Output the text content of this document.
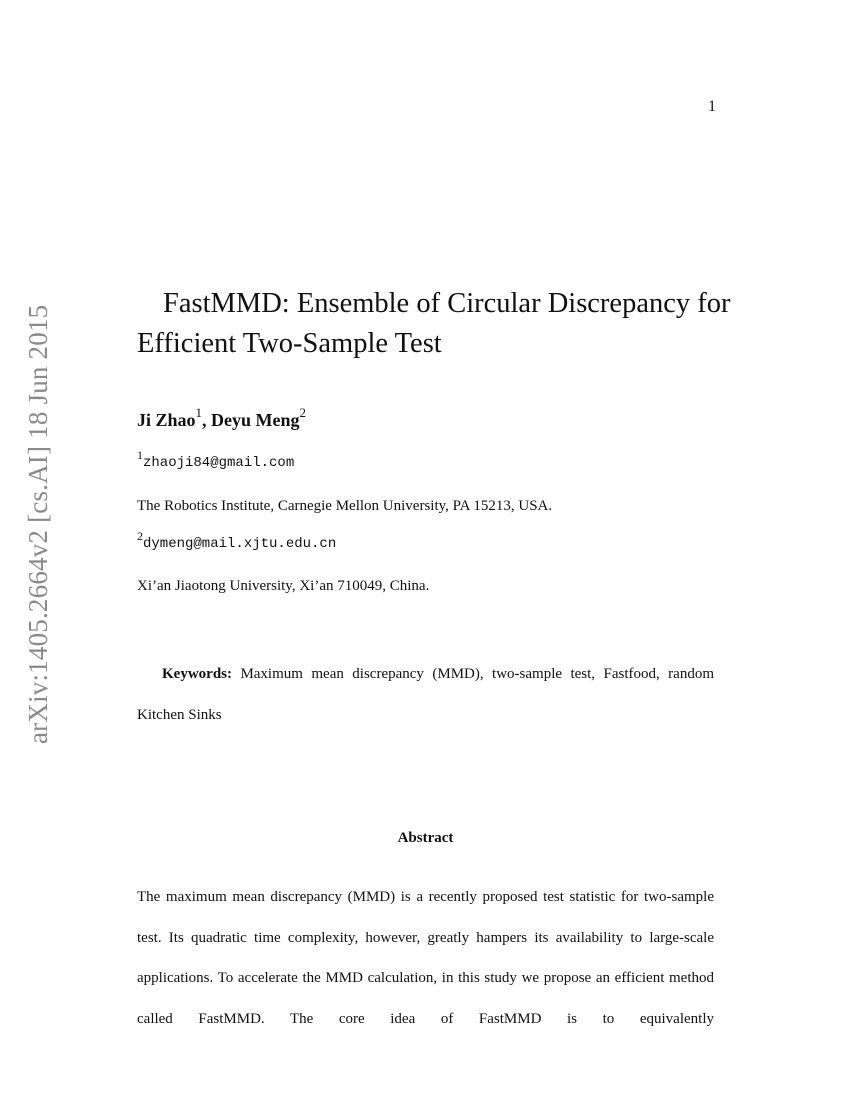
1
arXiv:1405.2664v2 [cs.AI] 18 Jun 2015
FastMMD: Ensemble of Circular Discrepancy for
Efficient Two-Sample Test
Ji Zhao$^1$, Deyu Meng$^2$
$^1$zhaoji84@gmail.com
The Robotics Institute, Carnegie Mellon University, PA 15213, USA.
$^2$dymeng@mail.xjtu.edu.cn
Xi’an Jiaotong University, Xi’an 710049, China.

Keywords: Maximum mean discrepancy (MMD), two-sample test, Fastfood, random Kitchen Sinks

Abstract

The maximum mean discrepancy (MMD) is a recently proposed test statistic for two-sample test. Its quadratic time complexity, however, greatly hampers its availability to large-scale applications. To accelerate the MMD calculation, in this study we propose an efficient method called FastMMD. The core idea of FastMMD is to equivalently
